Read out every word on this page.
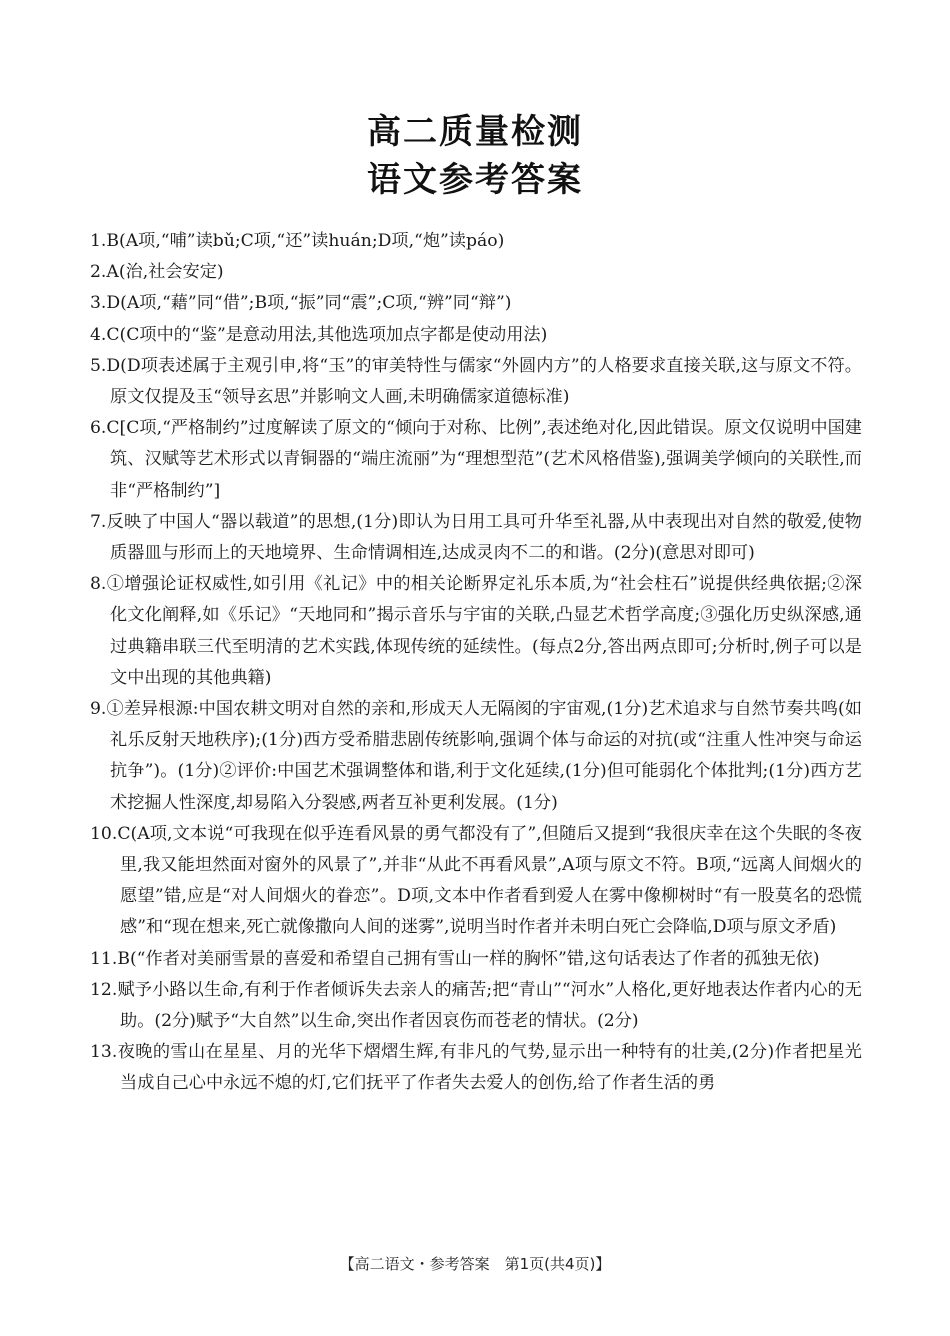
高二质量检测
语文参考答案
1.B(A项,“哺”读bǔ;C项,“还”读huán;D项,“炮”读páo)
2.A(治,社会安定)
3.D(A项,“藉”同“借”;B项,“振”同“震”;C项,“辨”同“辩”)
4.C(C项中的“鉴”是意动用法,其他选项加点字都是使动用法)
5.D(D项表述属于主观引申,将“玉”的审美特性与儒家“外圆内方”的人格要求直接关联,这与原文不符。原文仅提及玉“领导玄思”并影响文人画,未明确儒家道德标准)
6.C[C项,“严格制约”过度解读了原文的“倾向于对称、比例”,表述绝对化,因此错误。原文仅说明中国建筑、汉赋等艺术形式以青铜器的“端庄流丽”为“理想型范”(艺术风格借鉴),强调美学倾向的关联性,而非“严格制约”]
7.反映了中国人“器以载道”的思想,(1分)即认为日用工具可升华至礼器,从中表现出对自然的敬爱,使物质器皿与形而上的天地境界、生命情调相连,达成灵肉不二的和谐。(2分)(意思对即可)
8.①增强论证权威性,如引用《礼记》中的相关论断界定礼乐本质,为“社会柱石”说提供经典依据;②深化文化阐释,如《乐记》“天地同和”揭示音乐与宇宙的关联,凸显艺术哲学高度;③强化历史纵深感,通过典籍串联三代至明清的艺术实践,体现传统的延续性。(每点2分,答出两点即可;分析时,例子可以是文中出现的其他典籍)
9.①差异根源:中国农耕文明对自然的亲和,形成天人无隔阂的宇宙观,(1分)艺术追求与自然节奏共鸣(如礼乐反射天地秩序);(1分)西方受希腊悲剧传统影响,强调个体与命运的对抗(或“注重人性冲突与命运抗争”)。(1分)②评价:中国艺术强调整体和谐,利于文化延续,(1分)但可能弱化个体批判;(1分)西方艺术挖掘人性深度,却易陷入分裂感,两者互补更利发展。(1分)
10.C(A项,文本说“可我现在似乎连看风景的勇气都没有了”,但随后又提到“我很庆幸在这个失眠的冬夜里,我又能坦然面对窗外的风景了”,并非“从此不再看风景”,A项与原文不符。B项,“远离人间烟火的愿望”错,应是“对人间烟火的眷恋”。D项,文本中作者看到爱人在雾中像柳树时“有一股莫名的恐慌感”和“现在想来,死亡就像撒向人间的迷雾”,说明当时作者并未明白死亡会降临,D项与原文矛盾)
11.B(“作者对美丽雪景的喜爱和希望自己拥有雪山一样的胸怀”错,这句话表达了作者的孤独无依)
12.赋予小路以生命,有利于作者倾诉失去亲人的痛苦;把“青山”“河水”人格化,更好地表达作者内心的无助。(2分)赋予“大自然”以生命,突出作者因哀伤而苍老的情状。(2分)
13.夜晚的雪山在星星、月的光华下熠熠生辉,有非凡的气势,显示出一种特有的壮美,(2分)作者把星光当成自己心中永远不熄的灯,它们抚平了作者失去爱人的创伤,给了作者生活的勇
【高二语文・参考答案　第1页(共4页)】
